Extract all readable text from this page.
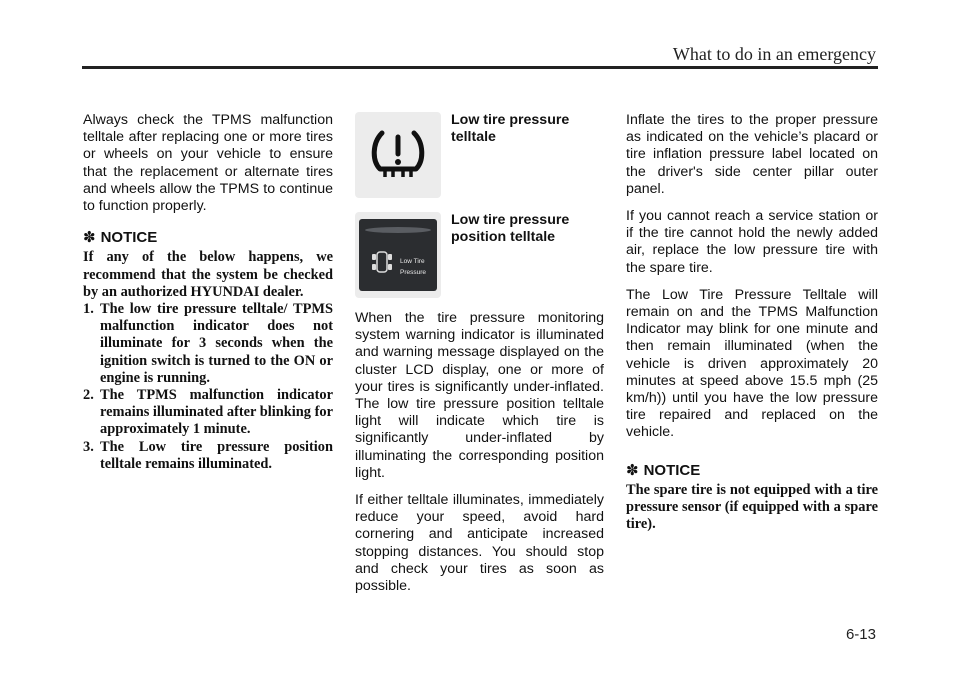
What to do in an emergency

Always check the TPMS malfunction telltale after replacing one or more tires or wheels on your vehicle to ensure that the replacement or alternate tires and wheels allow the TPMS to continue to function properly.

✽ NOTICE
If any of the below happens, we recommend that the system be checked by an authorized HYUNDAI dealer.
1. The low tire pressure telltale/ TPMS malfunction indicator does not illuminate for 3 seconds when the ignition switch is turned to the ON or engine is running.
2. The TPMS malfunction indicator remains illuminated after blinking for approximately 1 minute.
3. The Low tire pressure position telltale remains illuminated.
Low tire pressure
telltale
Low Tire
Pressure
Low tire pressure
position telltale

When the tire pressure monitoring system warning indicator is illuminated and warning message displayed on the cluster LCD display, one or more of your tires is significantly under-inflated. The low tire pressure position telltale light will indicate which tire is significantly under-inflated by illuminating the corresponding position light.

If either telltale illuminates, immediately reduce your speed, avoid hard cornering and anticipate increased stopping distances. You should stop and check your tires as soon as possible.

Inflate the tires to the proper pressure as indicated on the vehicle’s placard or tire inflation pressure label located on the driver's side center pillar outer panel.

If you cannot reach a service station or if the tire cannot hold the newly added air, replace the low pressure tire with the spare tire.

The Low Tire Pressure Telltale will remain on and the TPMS Malfunction Indicator may blink for one minute and then remain illuminated (when the vehicle is driven approximately 20 minutes at speed above 15.5 mph (25 km/h)) until you have the low pressure tire repaired and replaced on the vehicle.

✽ NOTICE
The spare tire is not equipped with a tire pressure sensor (if equipped with a spare tire).
6-13
